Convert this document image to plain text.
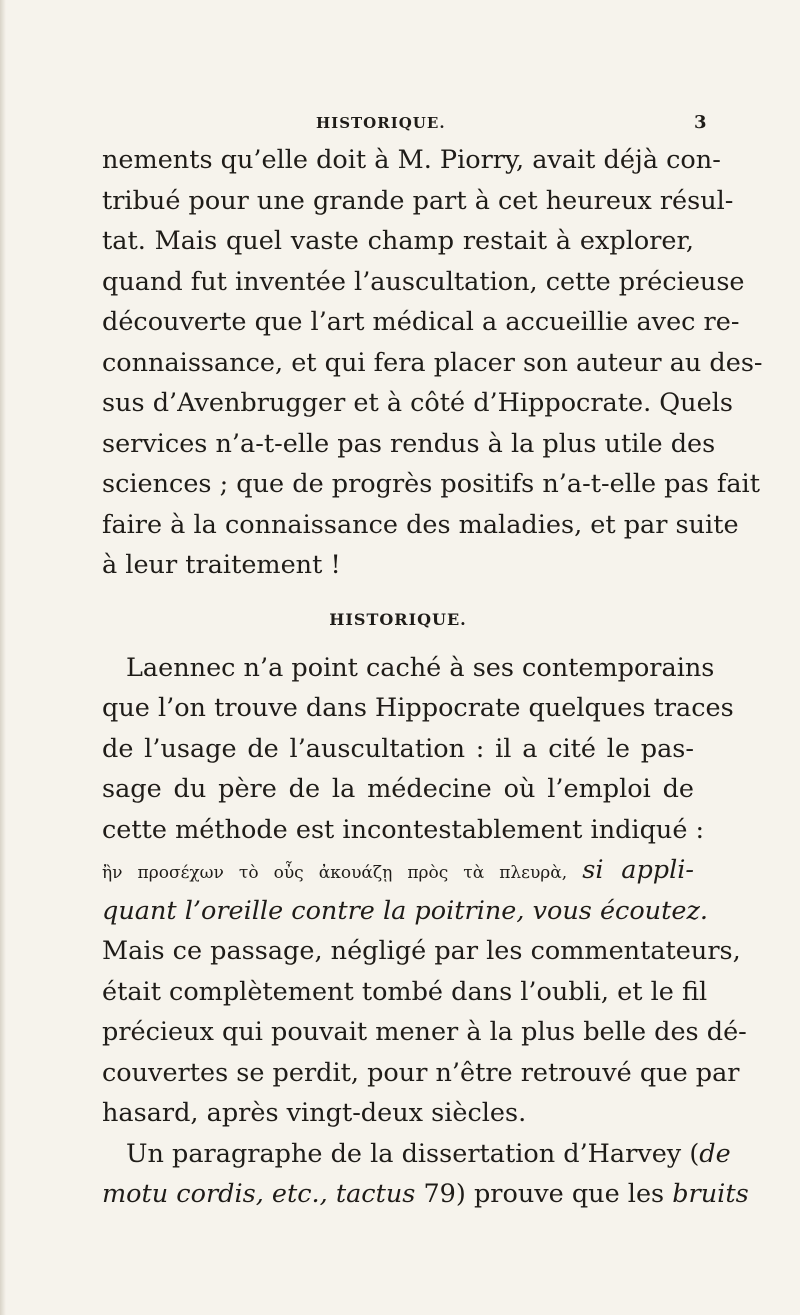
HISTORIQUE.	3
nements qu’elle doit à M. Piorry, avait déjà con-
tribué pour une grande part à cet heureux résul-
tat. Mais quel vaste champ restait à explorer,
quand fut inventée l’auscultation, cette précieuse
découverte que l’art médical a accueillie avec re-
connaissance, et qui fera placer son auteur au des-
sus d’Avenbrugger et à côté d’Hippocrate. Quels
services n’a-t-elle pas rendus à la plus utile des
sciences ; que de progrès positifs n’a-t-elle pas fait
faire à la connaissance des maladies, et par suite
à leur traitement !
HISTORIQUE.
Laennec n’a point caché à ses contemporains
que l’on trouve dans Hippocrate quelques traces
de l’usage de l’auscultation : il a cité le pas-
sage du père de la médecine où l’emploi de
cette méthode est incontestablement indiqué :
ἢν προσέχων τὸ οὖς ἀκουάζῃ πρὸς τὰ πλευρὰ, si appli-
quant l’oreille contre la poitrine, vous écoutez.
Mais ce passage, négligé par les commentateurs,
était complètement tombé dans l’oubli, et le fil
précieux qui pouvait mener à la plus belle des dé-
couvertes se perdit, pour n’être retrouvé que par
hasard, après vingt-deux siècles.
Un paragraphe de la dissertation d’Harvey (de
motu cordis, etc., tactus 79) prouve que les bruits
